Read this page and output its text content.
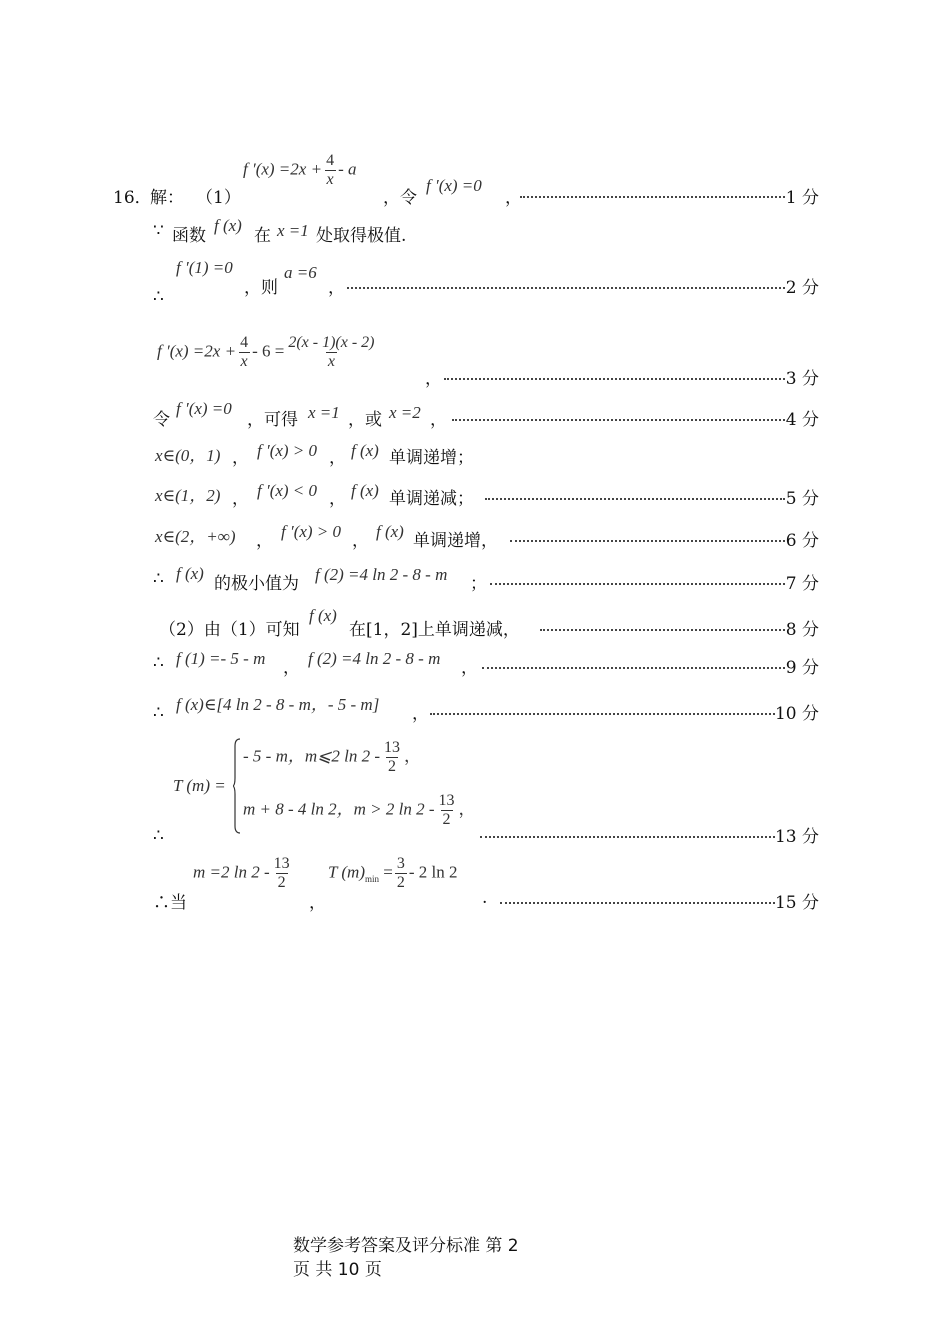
16．
解： （1）
f $'(x) =2x + \frac{4}{x} - a$
，令
f ′(x) =0
，	1 分
∵ 函数
f (x)
在 x =1 处取得极值.
f ′(1) =0
∴	，则
a =6
，	2 分
f $'(x) =2x + \frac{4}{x} - 6 = \frac{2(x - 1)(x - 2)}{x}$
，	3 分
令
f ′(x) =0
，可得 x =1 ，或 x =2 ，	4 分
x∈(0，1) ， f ′(x) > 0 ， f (x) 单调递增；
x∈(1，2) ， f ′(x) < 0 ， f (x) 单调递减；	5 分
x∈(2，+∞) ， f ′(x) > 0 ， f (x) 单调递增，	6 分
∴ f (x)
的极小值为 f (2) =4 ln 2 - 8 - m ；	7 分
（2）由（1）可知
f (x)
在[1，2]上单调递减，	8 分
∴ f (1) =- 5 - m ， f (2) =4 ln 2 - 8 - m ，	9 分
∴ f (x)∈[4 ln 2 - 8 - m，- 5 - m] ，	10 分
∴
T (m) =
- 5 - m，m⩽2 $\ln 2 - \frac{13}{2}$ ，
m + 8 - 4 ln 2，m > 2 $\ln 2 - \frac{13}{2}$ ，
13 分
∴当
m =2 $\ln 2 - \frac{13}{2}$
，
T $(m)_{min} = \frac{3}{2} - 2$ ln 2
.	15 分
数学参考答案及评分标准 第 2
页 共 10 页
